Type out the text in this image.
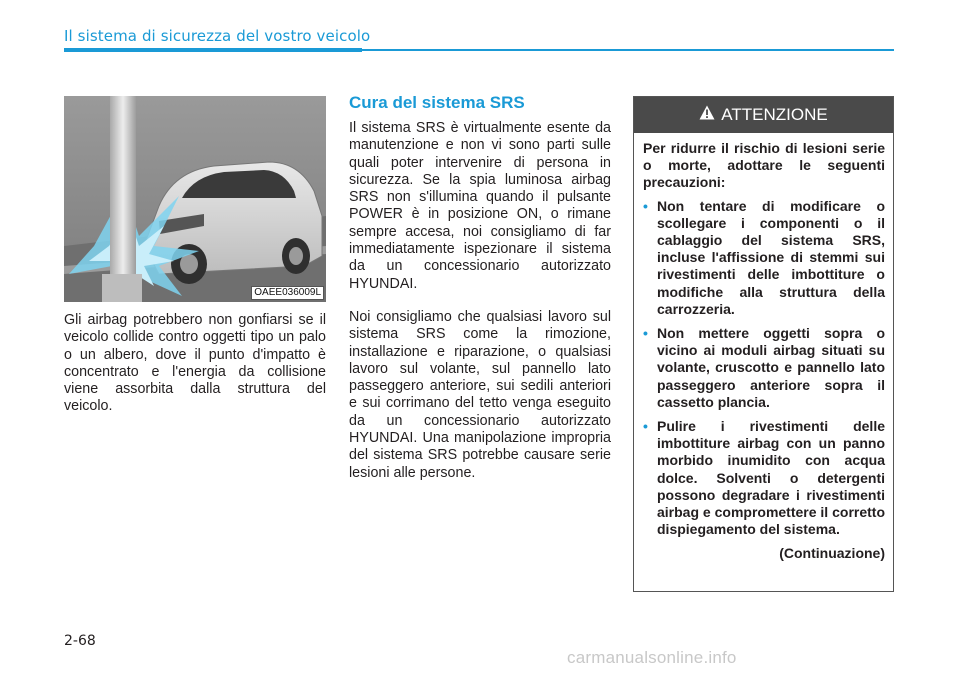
Il sistema di sicurezza del vostro veicolo
OAEE036009L

Gli airbag potrebbero non gonfiarsi se il veicolo collide contro oggetti tipo un palo o un albero, dove il punto d'impatto è concentrato e l'energia da collisione viene assorbita dalla struttura del veicolo.

Cura del sistema SRS

Il sistema SRS è virtualmente esente da manutenzione e non vi sono parti sulle quali poter intervenire di persona in sicurezza. Se la spia luminosa airbag SRS non s'illumina quando il pulsante POWER è in posizione ON, o rimane sempre accesa, noi consigliamo di far immediatamente ispezionare il sistema da un concessionario autorizzato HYUNDAI.

Noi consigliamo che qualsiasi lavoro sul sistema SRS come la rimozione, installazione e riparazione, o qualsiasi lavoro sul volante, sul pannello lato passeggero anteriore, sui sedili anteriori e sui corrimano del tetto venga eseguito da un concessionario autorizzato HYUNDAI. Una manipolazione impropria del sistema SRS potrebbe causare serie lesioni alle persone.

ATTENZIONE

Per ridurre il rischio di lesioni serie o morte, adottare le seguenti precauzioni:

• Non tentare di modificare o scollegare i componenti o il cablaggio del sistema SRS, incluse l'affissione di stemmi sui rivestimenti delle imbottiture o modifiche alla struttura della carrozzeria.
• Non mettere oggetti sopra o vicino ai moduli airbag situati su volante, cruscotto e pannello lato passeggero anteriore sopra il cassetto plancia.
• Pulire i rivestimenti delle imbottiture airbag con un panno morbido inumidito con acqua dolce. Solventi o detergenti possono degradare i rivestimenti airbag e compromettere il corretto dispiegamento del sistema.
(Continuazione)
2-68
carmanualsonline.info
